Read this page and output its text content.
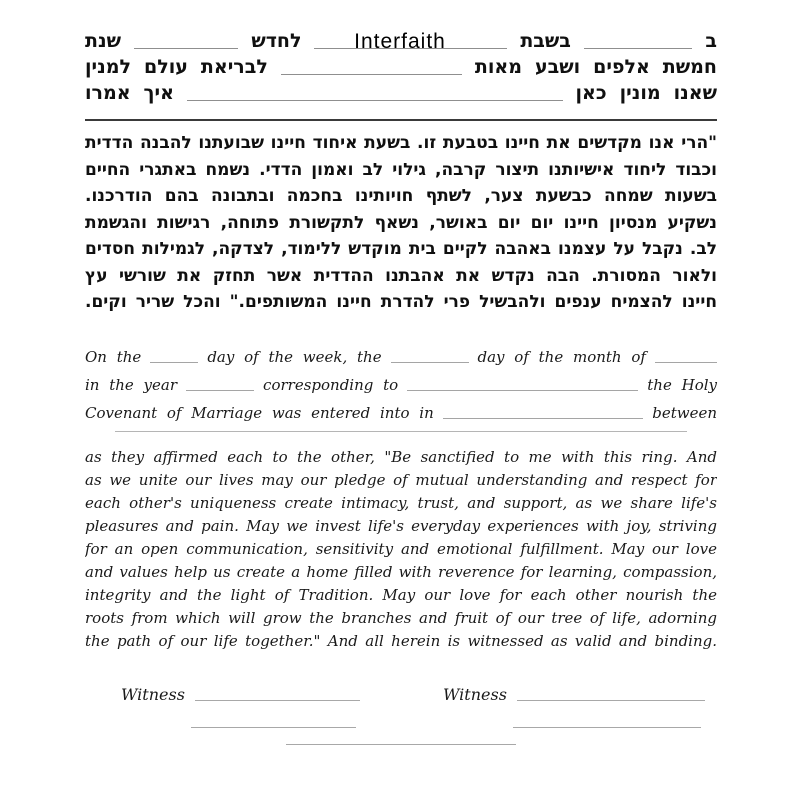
Interfaith	ב
בשבת
לחדש
שנת
חמשת
אלפים
ושבע
מאות
לבריאת
עולם
למנין
שאנו
מונין
כאן
איך
אמרו
"הרי אנו מקדשים את חיינו בטבעת זו. בשעת איחוד חיינו שבועתנו להבנה הדדית
וכבוד ליחוד אישיותנו תיצור קרבה, גילוי לב ואמון הדדי. נשמח באתגרי החיים
בשעות שמחה כבשעת צער, לשתף חויותינו בחכמה ובתבונה בהם הודרכנו.
נשקיע מנסיון חיינו יום יום באושר, נשאף לתקשורת פתוחה, רגישות והגשמת
לב. נקבל על עצמנו באהבה לקיים בית מוקדש ללימוד, לצדקה, לגמילות חסדים
ולאור המסורת. הבה נקדש את אהבתנו ההדדית אשר תחזק את שורשי עץ
חיינו להצמיח ענפים ולהבשיל פרי להדרת חיינו המשותפים." והכל שריר וקים.
On the	day of the week, the	day of the month of
in the year	corresponding to	the Holy
Covenant of Marriage was entered into in	between
as they affirmed each to the other, "Be sanctified to me with this ring. And
as we unite our lives may our pledge of mutual understanding and respect for
each other's uniqueness create intimacy, trust, and support, as we share life's
pleasures and pain. May we invest life's everyday experiences with joy, striving
for an open communication, sensitivity and emotional fulfillment. May our love
and values help us create a home filled with reverence for learning, compassion,
integrity and the light of Tradition. May our love for each other nourish the
roots from which will grow the branches and fruit of our tree of life, adorning
the path of our life together." And all herein is witnessed as valid and binding.
Witness	Witness
